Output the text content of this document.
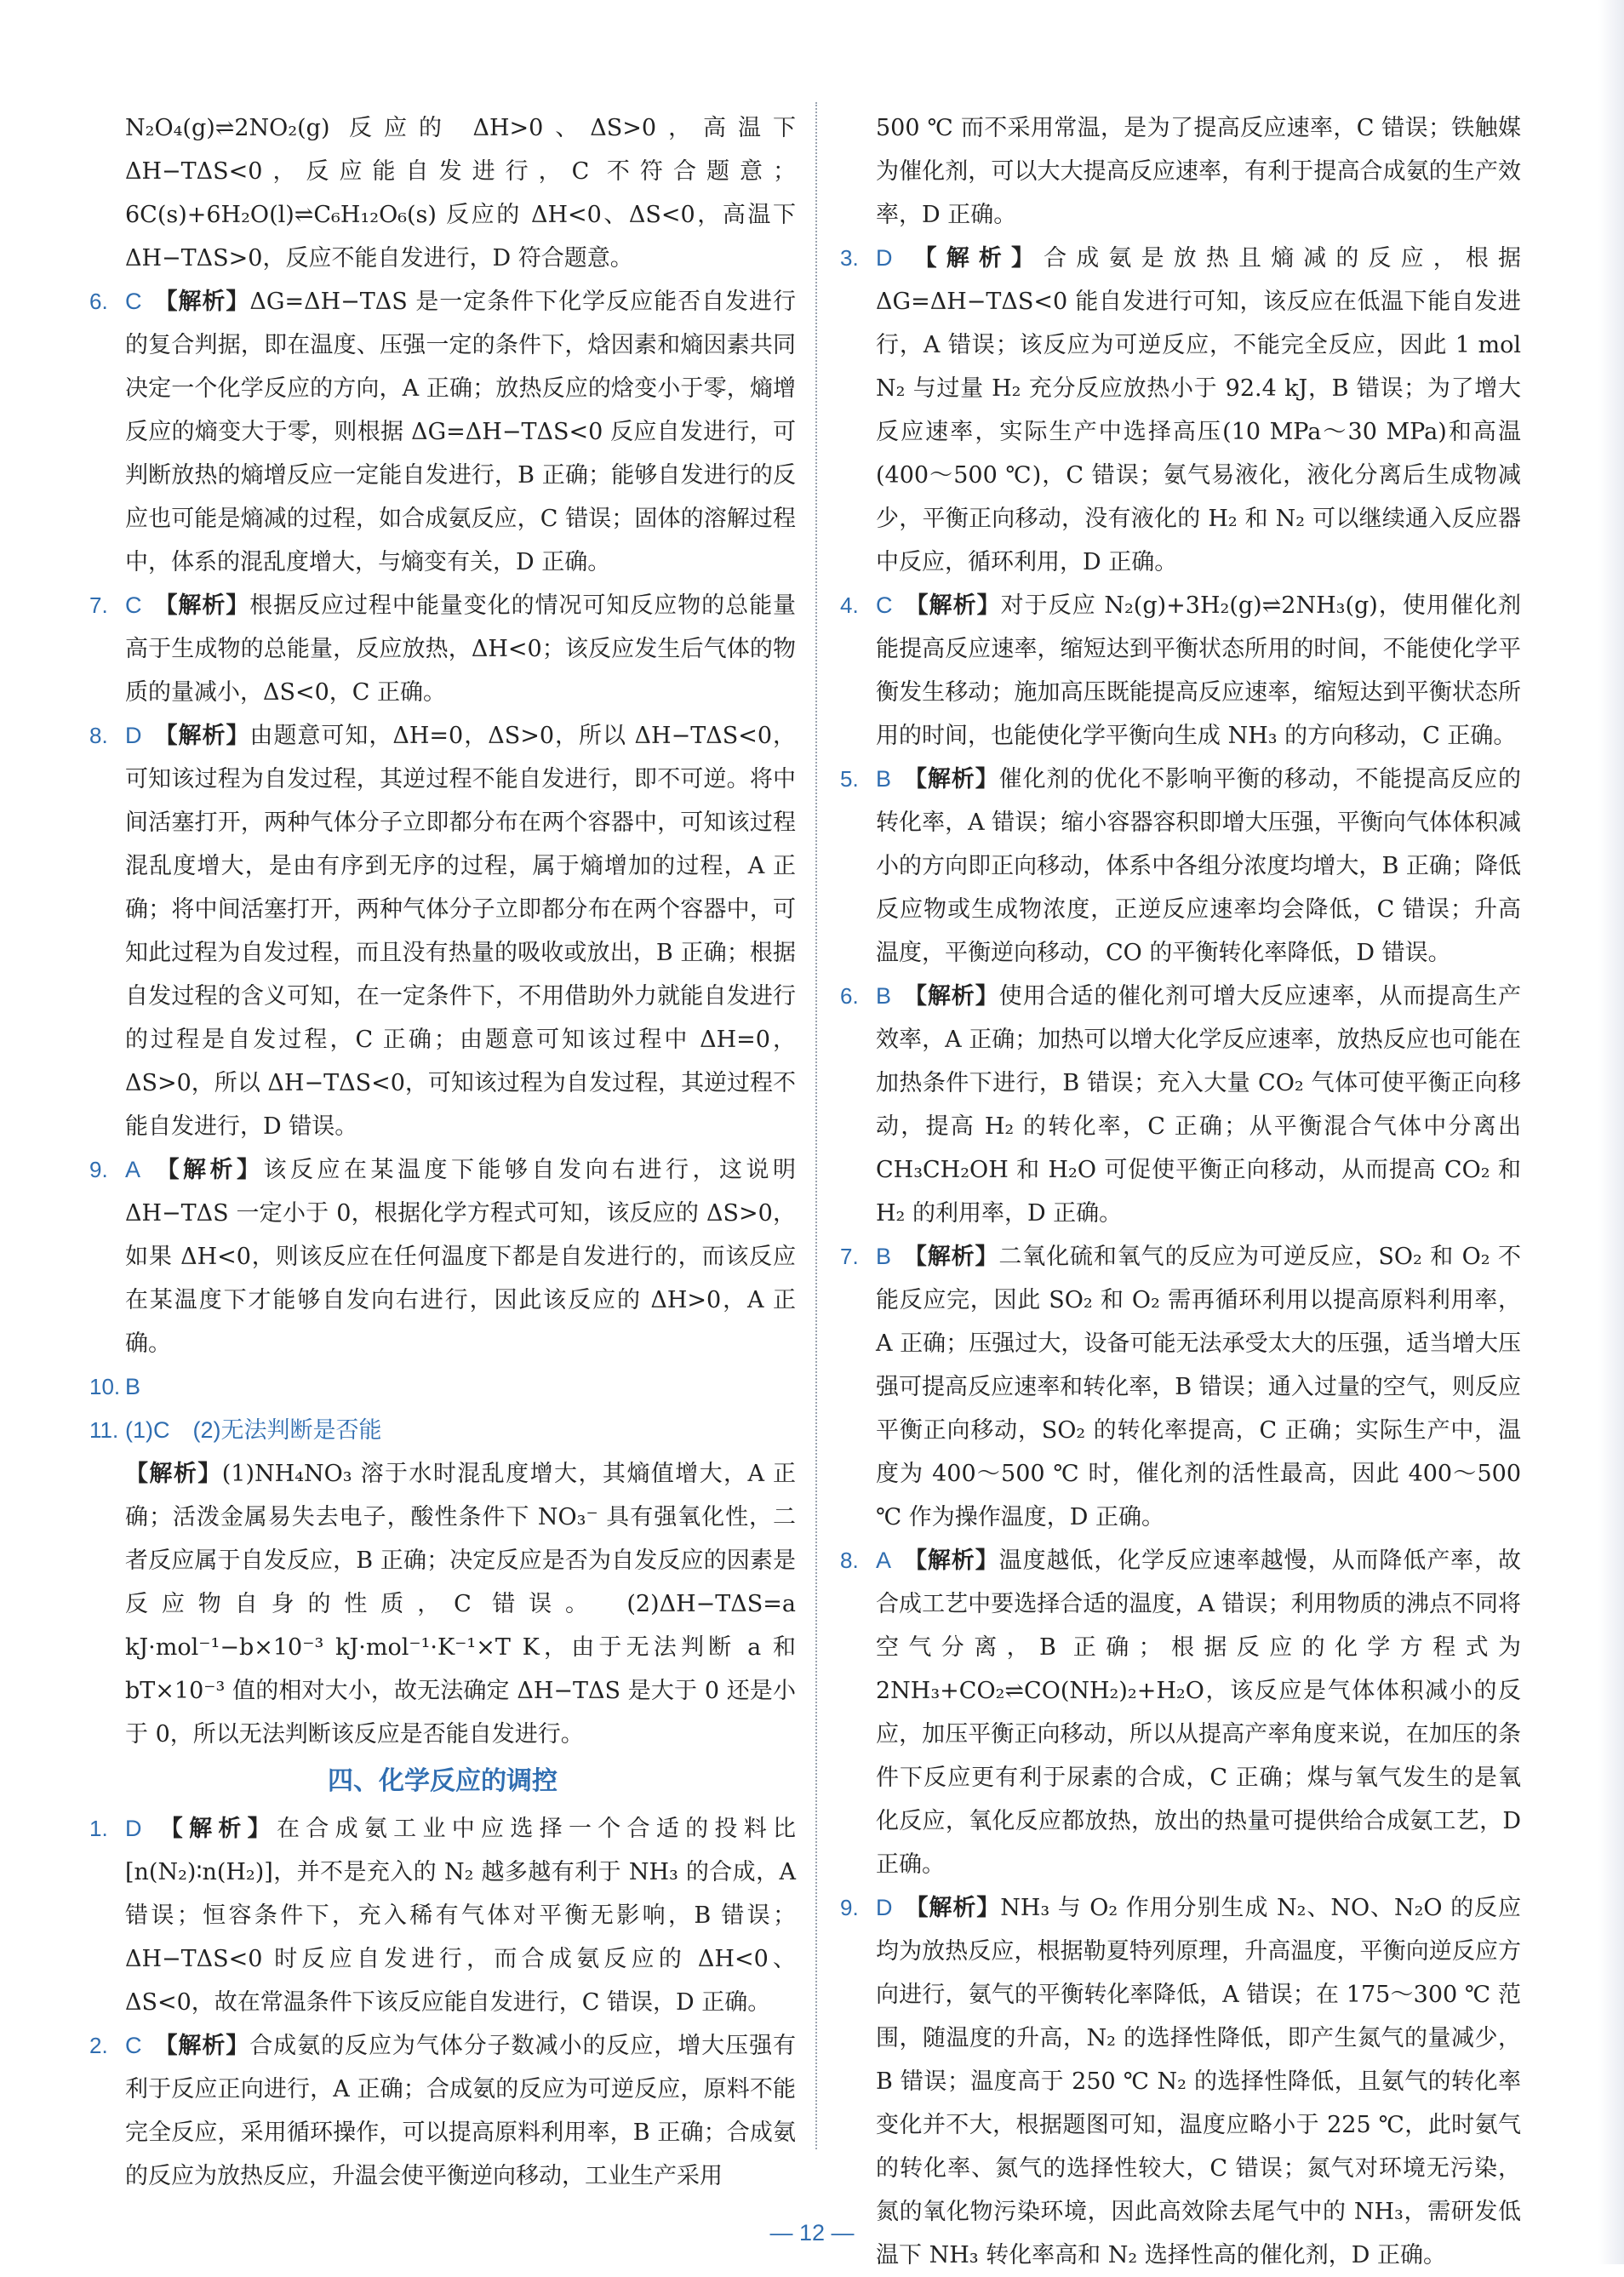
N₂O₄(g)⇌2NO₂(g) 反应的 ΔH>0、ΔS>0，高温下 ΔH−TΔS<0，反应能自发进行，C 不符合题意；6C(s)+6H₂O(l)⇌C₆H₁₂O₆(s) 反应的 ΔH<0、ΔS<0，高温下 ΔH−TΔS>0，反应不能自发进行，D 符合题意。

6. C 【解析】ΔG=ΔH−TΔS 是一定条件下化学反应能否自发进行的复合判据，即在温度、压强一定的条件下，焓因素和熵因素共同决定一个化学反应的方向，A 正确；放热反应的焓变小于零，熵增反应的熵变大于零，则根据 ΔG=ΔH−TΔS<0 反应自发进行，可判断放热的熵增反应一定能自发进行，B 正确；能够自发进行的反应也可能是熵减的过程，如合成氨反应，C 错误；固体的溶解过程中，体系的混乱度增大，与熵变有关，D 正确。

7. C 【解析】根据反应过程中能量变化的情况可知反应物的总能量高于生成物的总能量，反应放热，ΔH<0；该反应发生后气体的物质的量减小，ΔS<0，C 正确。

8. D 【解析】由题意可知，ΔH=0，ΔS>0，所以 ΔH−TΔS<0，可知该过程为自发过程，其逆过程不能自发进行，即不可逆。将中间活塞打开，两种气体分子立即都分布在两个容器中，可知该过程混乱度增大，是由有序到无序的过程，属于熵增加的过程，A 正确；将中间活塞打开，两种气体分子立即都分布在两个容器中，可知此过程为自发过程，而且没有热量的吸收或放出，B 正确；根据自发过程的含义可知，在一定条件下，不用借助外力就能自发进行的过程是自发过程，C 正确；由题意可知该过程中 ΔH=0，ΔS>0，所以 ΔH−TΔS<0，可知该过程为自发过程，其逆过程不能自发进行，D 错误。

9. A 【解析】该反应在某温度下能够自发向右进行，这说明 ΔH−TΔS 一定小于 0，根据化学方程式可知，该反应的 ΔS>0，如果 ΔH<0，则该反应在任何温度下都是自发进行的，而该反应在某温度下才能够自发向右进行，因此该反应的 ΔH>0，A 正确。

10. B

11. (1)C　(2)无法判断是否能

【解析】(1)NH₄NO₃ 溶于水时混乱度增大，其熵值增大，A 正确；活泼金属易失去电子，酸性条件下 NO₃⁻ 具有强氧化性，二者反应属于自发反应，B 正确；决定反应是否为自发反应的因素是反应物自身的性质，C 错误。　(2)ΔH−TΔS=a kJ·mol⁻¹−b×10⁻³ kJ·mol⁻¹·K⁻¹×T K，由于无法判断 a 和 bT×10⁻³ 值的相对大小，故无法确定 ΔH−TΔS 是大于 0 还是小于 0，所以无法判断该反应是否能自发进行。

四、化学反应的调控

1. D 【解析】在合成氨工业中应选择一个合适的投料比[n(N₂)∶n(H₂)]，并不是充入的 N₂ 越多越有利于 NH₃ 的合成，A 错误；恒容条件下，充入稀有气体对平衡无影响，B 错误；ΔH−TΔS<0 时反应自发进行，而合成氨反应的 ΔH<0、ΔS<0，故在常温条件下该反应能自发进行，C 错误，D 正确。

2. C 【解析】合成氨的反应为气体分子数减小的反应，增大压强有利于反应正向进行，A 正确；合成氨的反应为可逆反应，原料不能完全反应，采用循环操作，可以提高原料利用率，B 正确；合成氨的反应为放热反应，升温会使平衡逆向移动，工业生产采用

500 ℃ 而不采用常温，是为了提高反应速率，C 错误；铁触媒为催化剂，可以大大提高反应速率，有利于提高合成氨的生产效率，D 正确。

3. D 【解析】合成氨是放热且熵减的反应，根据 ΔG=ΔH−TΔS<0 能自发进行可知，该反应在低温下能自发进行，A 错误；该反应为可逆反应，不能完全反应，因此 1 mol N₂ 与过量 H₂ 充分反应放热小于 92.4 kJ，B 错误；为了增大反应速率，实际生产中选择高压(10 MPa～30 MPa)和高温(400～500 ℃)，C 错误；氨气易液化，液化分离后生成物减少，平衡正向移动，没有液化的 H₂ 和 N₂ 可以继续通入反应器中反应，循环利用，D 正确。

4. C 【解析】对于反应 N₂(g)+3H₂(g)⇌2NH₃(g)，使用催化剂能提高反应速率，缩短达到平衡状态所用的时间，不能使化学平衡发生移动；施加高压既能提高反应速率，缩短达到平衡状态所用的时间，也能使化学平衡向生成 NH₃ 的方向移动，C 正确。

5. B 【解析】催化剂的优化不影响平衡的移动，不能提高反应的转化率，A 错误；缩小容器容积即增大压强，平衡向气体体积减小的方向即正向移动，体系中各组分浓度均增大，B 正确；降低反应物或生成物浓度，正逆反应速率均会降低，C 错误；升高温度，平衡逆向移动，CO 的平衡转化率降低，D 错误。

6. B 【解析】使用合适的催化剂可增大反应速率，从而提高生产效率，A 正确；加热可以增大化学反应速率，放热反应也可能在加热条件下进行，B 错误；充入大量 CO₂ 气体可使平衡正向移动，提高 H₂ 的转化率，C 正确；从平衡混合气体中分离出 CH₃CH₂OH 和 H₂O 可促使平衡正向移动，从而提高 CO₂ 和 H₂ 的利用率，D 正确。

7. B 【解析】二氧化硫和氧气的反应为可逆反应，SO₂ 和 O₂ 不能反应完，因此 SO₂ 和 O₂ 需再循环利用以提高原料利用率，A 正确；压强过大，设备可能无法承受太大的压强，适当增大压强可提高反应速率和转化率，B 错误；通入过量的空气，则反应平衡正向移动，SO₂ 的转化率提高，C 正确；实际生产中，温度为 400～500 ℃ 时，催化剂的活性最高，因此 400～500 ℃ 作为操作温度，D 正确。

8. A 【解析】温度越低，化学反应速率越慢，从而降低产率，故合成工艺中要选择合适的温度，A 错误；利用物质的沸点不同将空气分离，B 正确；根据反应的化学方程式为 2NH₃+CO₂⇌CO(NH₂)₂+H₂O，该反应是气体体积减小的反应，加压平衡正向移动，所以从提高产率角度来说，在加压的条件下反应更有利于尿素的合成，C 正确；煤与氧气发生的是氧化反应，氧化反应都放热，放出的热量可提供给合成氨工艺，D 正确。

9. D 【解析】NH₃ 与 O₂ 作用分别生成 N₂、NO、N₂O 的反应均为放热反应，根据勒夏特列原理，升高温度，平衡向逆反应方向进行，氨气的平衡转化率降低，A 错误；在 175～300 ℃ 范围，随温度的升高，N₂ 的选择性降低，即产生氮气的量减少，B 错误；温度高于 250 ℃ N₂ 的选择性降低，且氨气的转化率变化并不大，根据题图可知，温度应略小于 225 ℃，此时氨气的转化率、氮气的选择性较大，C 错误；氮气对环境无污染，氮的氧化物污染环境，因此高效除去尾气中的 NH₃，需研发低温下 NH₃ 转化率高和 N₂ 选择性高的催化剂，D 正确。

— 12 —
